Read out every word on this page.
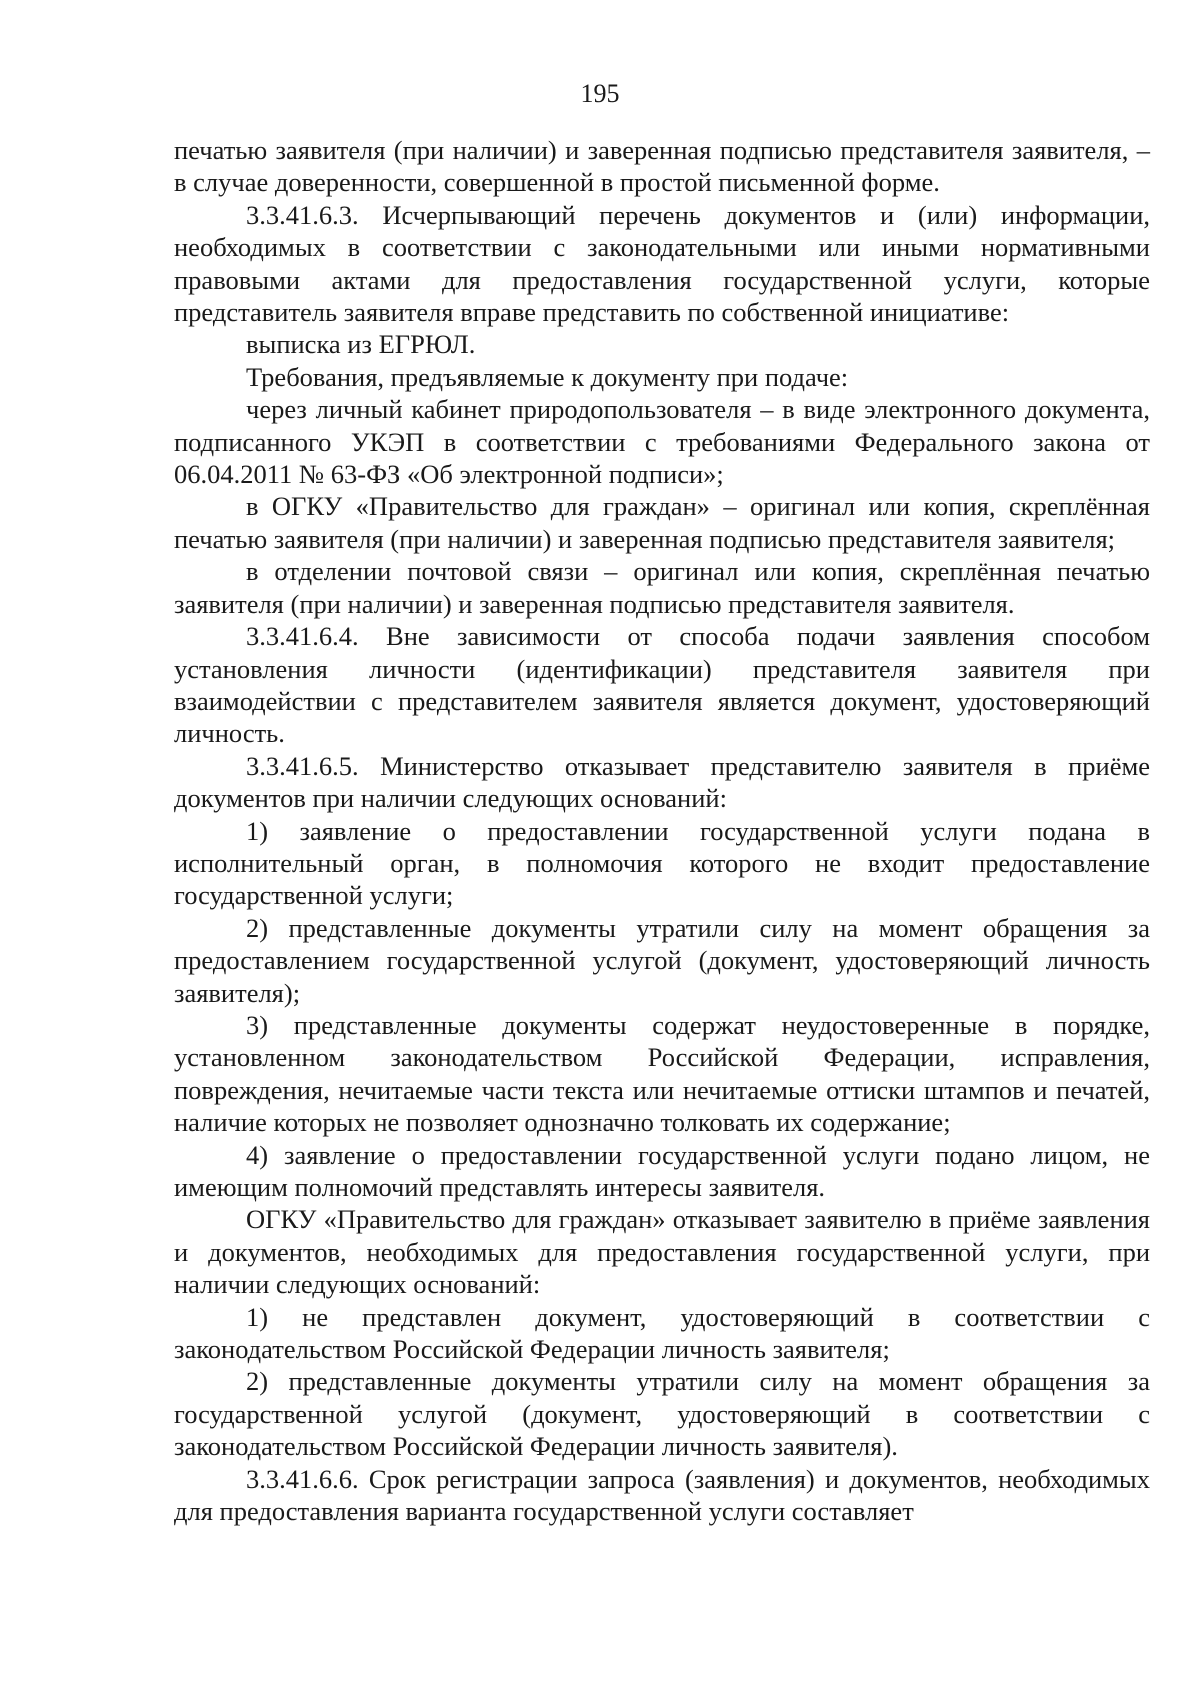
195

печатью заявителя (при наличии) и заверенная подписью представителя заявителя, – в случае доверенности, совершенной в простой письменной форме.

3.3.41.6.3. Исчерпывающий перечень документов и (или) информации, необходимых в соответствии с законодательными или иными нормативными правовыми актами для предоставления государственной услуги, которые представитель заявителя вправе представить по собственной инициативе:

выписка из ЕГРЮЛ.

Требования, предъявляемые к документу при подаче:

через личный кабинет природопользователя – в виде электронного документа, подписанного УКЭП в соответствии с требованиями Федерального закона от 06.04.2011 № 63-ФЗ «Об электронной подписи»;

в ОГКУ «Правительство для граждан» – оригинал или копия, скреплённая печатью заявителя (при наличии) и заверенная подписью представителя заявителя;

в отделении почтовой связи – оригинал или копия, скреплённая печатью заявителя (при наличии) и заверенная подписью представителя заявителя.

3.3.41.6.4. Вне зависимости от способа подачи заявления способом установления личности (идентификации) представителя заявителя при взаимодействии с представителем заявителя является документ, удостоверяющий личность.

3.3.41.6.5. Министерство отказывает представителю заявителя в приёме документов при наличии следующих оснований:

1) заявление о предоставлении государственной услуги подана в исполнительный орган, в полномочия которого не входит предоставление государственной услуги;

2) представленные документы утратили силу на момент обращения за предоставлением государственной услугой (документ, удостоверяющий личность заявителя);

3) представленные документы содержат неудостоверенные в порядке, установленном законодательством Российской Федерации, исправления, повреждения, нечитаемые части текста или нечитаемые оттиски штампов и печатей, наличие которых не позволяет однозначно толковать их содержание;

4) заявление о предоставлении государственной услуги подано лицом, не имеющим полномочий представлять интересы заявителя.

ОГКУ «Правительство для граждан» отказывает заявителю в приёме заявления и документов, необходимых для предоставления государственной услуги, при наличии следующих оснований:

1) не представлен документ, удостоверяющий в соответствии с законодательством Российской Федерации личность заявителя;

2) представленные документы утратили силу на момент обращения за государственной услугой (документ, удостоверяющий в соответствии с законодательством Российской Федерации личность заявителя).

3.3.41.6.6. Срок регистрации запроса (заявления) и документов, необходимых для предоставления варианта государственной услуги составляет
